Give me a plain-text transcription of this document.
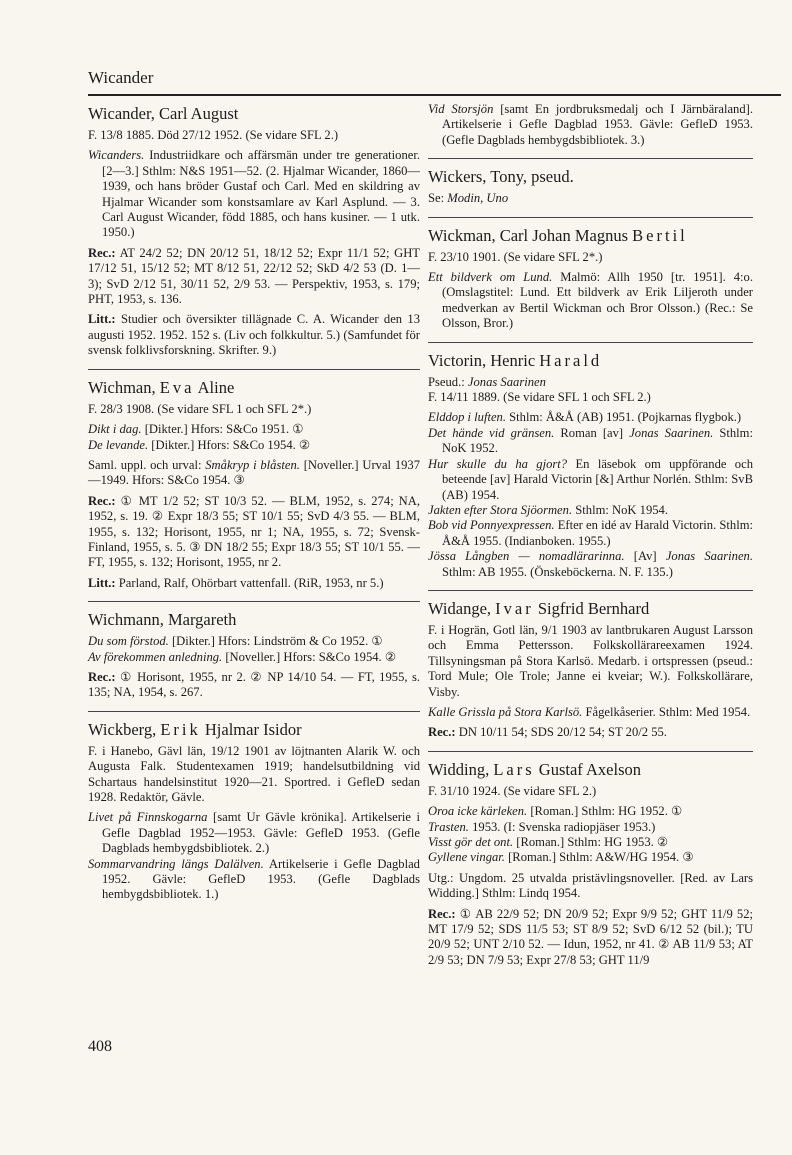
Wicander
Wicander, Carl August

F. 13/8 1885. Död 27/12 1952. (Se vidare SFL 2.)

Wicanders. Industriidkare och affärsmän under tre generationer. [2—3.] Sthlm: N&S 1951—52. (2. Hjalmar Wicander, 1860—1939, och hans bröder Gustaf och Carl. Med en skildring av Hjalmar Wicander som konstsamlare av Karl Asplund. — 3. Carl August Wicander, född 1885, och hans kusiner. — 1 utk. 1950.)

Rec.: AT 24/2 52; DN 20/12 51, 18/12 52; Expr 11/1 52; GHT 17/12 51, 15/12 52; MT 8/12 51, 22/12 52; SkD 4/2 53 (D. 1—3); SvD 2/12 51, 30/11 52, 2/9 53. — Perspektiv, 1953, s. 179; PHT, 1953, s. 136.

Litt.: Studier och översikter tillägnade C. A. Wicander den 13 augusti 1952. 1952. 152 s. (Liv och folkkultur. 5.) (Samfundet för svensk folklivsforskning. Skrifter. 9.)

Wichman, Eva Aline

F. 28/3 1908. (Se vidare SFL 1 och SFL 2*.)

Dikt i dag. [Dikter.] Hfors: S&Co 1951. ①

De levande. [Dikter.] Hfors: S&Co 1954. ②

Saml. uppl. och urval: Småkryp i blåsten. [Noveller.] Urval 1937—1949. Hfors: S&Co 1954. ③

Rec.: ① MT 1/2 52; ST 10/3 52. — BLM, 1952, s. 274; NA, 1952, s. 19. ② Expr 18/3 55; ST 10/1 55; SvD 4/3 55. — BLM, 1955, s. 132; Horisont, 1955, nr 1; NA, 1955, s. 72; Svensk-Finland, 1955, s. 5. ③ DN 18/2 55; Expr 18/3 55; ST 10/1 55. — FT, 1955, s. 132; Horisont, 1955, nr 2.

Litt.: Parland, Ralf, Ohörbart vattenfall. (RiR, 1953, nr 5.)

Wichmann, Margareth

Du som förstod. [Dikter.] Hfors: Lindström & Co 1952. ①

Av förekommen anledning. [Noveller.] Hfors: S&Co 1954. ②

Rec.: ① Horisont, 1955, nr 2. ② NP 14/10 54. — FT, 1955, s. 135; NA, 1954, s. 267.

Wickberg, Erik Hjalmar Isidor

F. i Hanebo, Gävl län, 19/12 1901 av löjtnanten Alarik W. och Augusta Falk. Studentexamen 1919; handelsutbildning vid Schartaus handelsinstitut 1920—21. Sportred. i GefleD sedan 1928. Redaktör, Gävle.

Livet på Finnskogarna [samt Ur Gävle krönika]. Artikelserie i Gefle Dagblad 1952—1953. Gävle: GefleD 1953. (Gefle Dagblads hembygdsbibliotek. 2.)

Sommarvandring längs Dalälven. Artikelserie i Gefle Dagblad 1952. Gävle: GefleD 1953. (Gefle Dagblads hembygdsbibliotek. 1.)

Vid Storsjön [samt En jordbruksmedalj och I Järnbäraland]. Artikelserie i Gefle Dagblad 1953. Gävle: GefleD 1953. (Gefle Dagblads hembygdsbibliotek. 3.)

Wickers, Tony, pseud.

Se: Modin, Uno

Wickman, Carl Johan Magnus Bertil

F. 23/10 1901. (Se vidare SFL 2*.)

Ett bildverk om Lund. Malmö: Allh 1950 [tr. 1951]. 4:o. (Omslagstitel: Lund. Ett bildverk av Erik Liljeroth under medverkan av Bertil Wickman och Bror Olsson.) (Rec.: Se Olsson, Bror.)

Victorin, Henric Harald

Pseud.: Jonas Saarinen

F. 14/11 1889. (Se vidare SFL 1 och SFL 2.)

Elddop i luften. Sthlm: Å&Å (AB) 1951. (Pojkarnas flygbok.)

Det hände vid gränsen. Roman [av] Jonas Saarinen. Sthlm: NoK 1952.

Hur skulle du ha gjort? En läsebok om uppförande och beteende [av] Harald Victorin [&] Arthur Norlén. Sthlm: SvB (AB) 1954.

Jakten efter Stora Sjöormen. Sthlm: NoK 1954.

Bob vid Ponnyexpressen. Efter en idé av Harald Victorin. Sthlm: Å&Å 1955. (Indianboken. 1955.)

Jössa Långben — nomadlärarinna. [Av] Jonas Saarinen. Sthlm: AB 1955. (Önskeböckerna. N. F. 135.)

Widange, Ivar Sigfrid Bernhard

F. i Hogrän, Gotl län, 9/1 1903 av lantbrukaren August Larsson och Emma Pettersson. Folkskollärareexamen 1924. Tillsyningsman på Stora Karlsö. Medarb. i ortspressen (pseud.: Tord Mule; Ole Trole; Janne ei kveiar; W.). Folkskollärare, Visby.

Kalle Grissla på Stora Karlsö. Fågelkåserier. Sthlm: Med 1954.

Rec.: DN 10/11 54; SDS 20/12 54; ST 20/2 55.

Widding, Lars Gustaf Axelson

F. 31/10 1924. (Se vidare SFL 2.)

Oroa icke kärleken. [Roman.] Sthlm: HG 1952. ①

Trasten. 1953. (I: Svenska radiopjäser 1953.)

Visst gör det ont. [Roman.] Sthlm: HG 1953. ②

Gyllene vingar. [Roman.] Sthlm: A&W/HG 1954. ③

Utg.: Ungdom. 25 utvalda pristävlingsnoveller. [Red. av Lars Widding.] Sthlm: Lindq 1954.

Rec.: ① AB 22/9 52; DN 20/9 52; Expr 9/9 52; GHT 11/9 52; MT 17/9 52; SDS 11/5 53; ST 8/9 52; SvD 6/12 52 (bil.); TU 20/9 52; UNT 2/10 52. — Idun, 1952, nr 41. ② AB 11/9 53; AT 2/9 53; DN 7/9 53; Expr 27/8 53; GHT 11/9

408
